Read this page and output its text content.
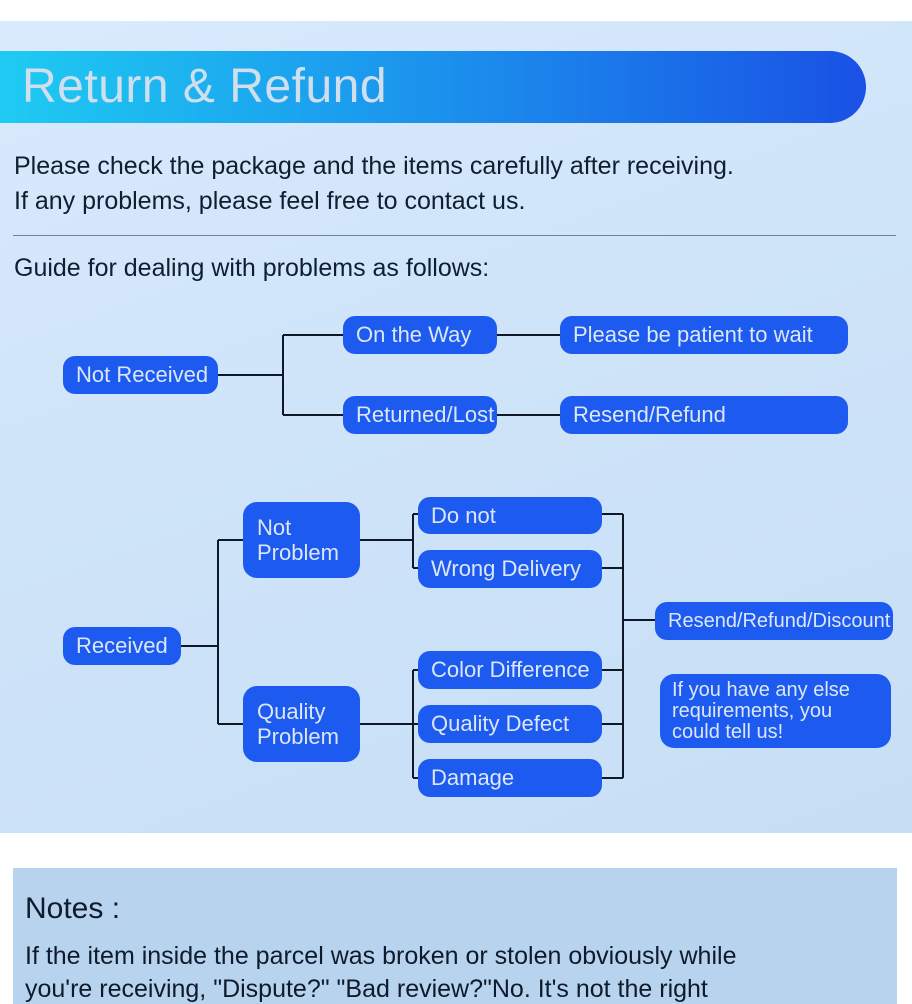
Return & Refund
Please check the package and the items carefully after receiving.
If any problems, please feel free to contact us.
Guide for dealing with problems as follows:
Not Received
On the Way	Please be patient to wait
Returned/Lost	Resend/Refund
Received
Not Problem
Do not
Wrong Delivery
Quality Problem
Color Difference
Quality Defect
Damage
Resend/Refund/Discount
If you have any else requirements, you could tell us!
Notes :
If the item inside the parcel was broken or stolen obviously while
you're receiving, "Dispute?" "Bad review?"No. It's not the right
